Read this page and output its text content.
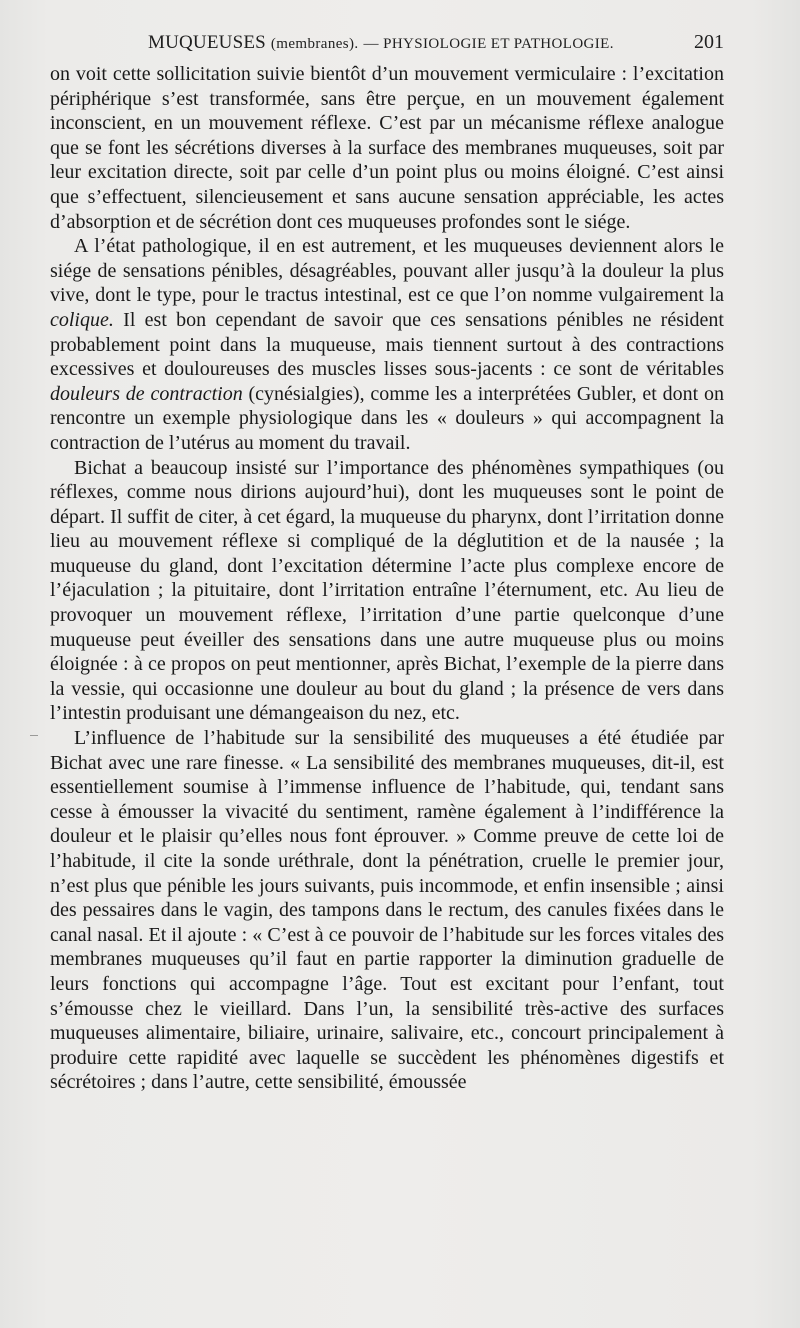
MUQUEUSES (membranes). — PHYSIOLOGIE ET PATHOLOGIE.	201

on voit cette sollicitation suivie bientôt d’un mouvement vermiculaire : l’excitation périphérique s’est transformée, sans être perçue, en un mouvement également inconscient, en un mouvement réflexe. C’est par un mécanisme réflexe analogue que se font les sécrétions diverses à la surface des membranes muqueuses, soit par leur excitation directe, soit par celle d’un point plus ou moins éloigné. C’est ainsi que s’effectuent, silencieusement et sans aucune sensation appréciable, les actes d’absorption et de sécrétion dont ces muqueuses profondes sont le siége.

A l’état pathologique, il en est autrement, et les muqueuses deviennent alors le siége de sensations pénibles, désagréables, pouvant aller jusqu’à la douleur la plus vive, dont le type, pour le tractus intestinal, est ce que l’on nomme vulgairement la colique. Il est bon cependant de savoir que ces sensations pénibles ne résident probablement point dans la muqueuse, mais tiennent surtout à des contractions excessives et douloureuses des muscles lisses sous-jacents : ce sont de véritables douleurs de contraction (cynésialgies), comme les a interprétées Gubler, et dont on rencontre un exemple physiologique dans les « douleurs » qui accompagnent la contraction de l’utérus au moment du travail.

Bichat a beaucoup insisté sur l’importance des phénomènes sympathiques (ou réflexes, comme nous dirions aujourd’hui), dont les muqueuses sont le point de départ. Il suffit de citer, à cet égard, la muqueuse du pharynx, dont l’irritation donne lieu au mouvement réflexe si compliqué de la déglutition et de la nausée ; la muqueuse du gland, dont l’excitation détermine l’acte plus complexe encore de l’éjaculation ; la pituitaire, dont l’irritation entraîne l’éternument, etc. Au lieu de provoquer un mouvement réflexe, l’irritation d’une partie quelconque d’une muqueuse peut éveiller des sensations dans une autre muqueuse plus ou moins éloignée : à ce propos on peut mentionner, après Bichat, l’exemple de la pierre dans la vessie, qui occasionne une douleur au bout du gland ; la présence de vers dans l’intestin produisant une démangeaison du nez, etc.

L’influence de l’habitude sur la sensibilité des muqueuses a été étudiée par Bichat avec une rare finesse. « La sensibilité des membranes muqueuses, dit-il, est essentiellement soumise à l’immense influence de l’habitude, qui, tendant sans cesse à émousser la vivacité du sentiment, ramène également à l’indifférence la douleur et le plaisir qu’elles nous font éprouver. » Comme preuve de cette loi de l’habitude, il cite la sonde uréthrale, dont la pénétration, cruelle le premier jour, n’est plus que pénible les jours suivants, puis incommode, et enfin insensible ; ainsi des pessaires dans le vagin, des tampons dans le rectum, des canules fixées dans le canal nasal. Et il ajoute : « C’est à ce pouvoir de l’habitude sur les forces vitales des membranes muqueuses qu’il faut en partie rapporter la diminution graduelle de leurs fonctions qui accompagne l’âge. Tout est excitant pour l’enfant, tout s’émousse chez le vieillard. Dans l’un, la sensibilité très-active des surfaces muqueuses alimentaire, biliaire, urinaire, salivaire, etc., concourt principalement à produire cette rapidité avec laquelle se succèdent les phénomènes digestifs et sécrétoires ; dans l’autre, cette sensibilité, émoussée
